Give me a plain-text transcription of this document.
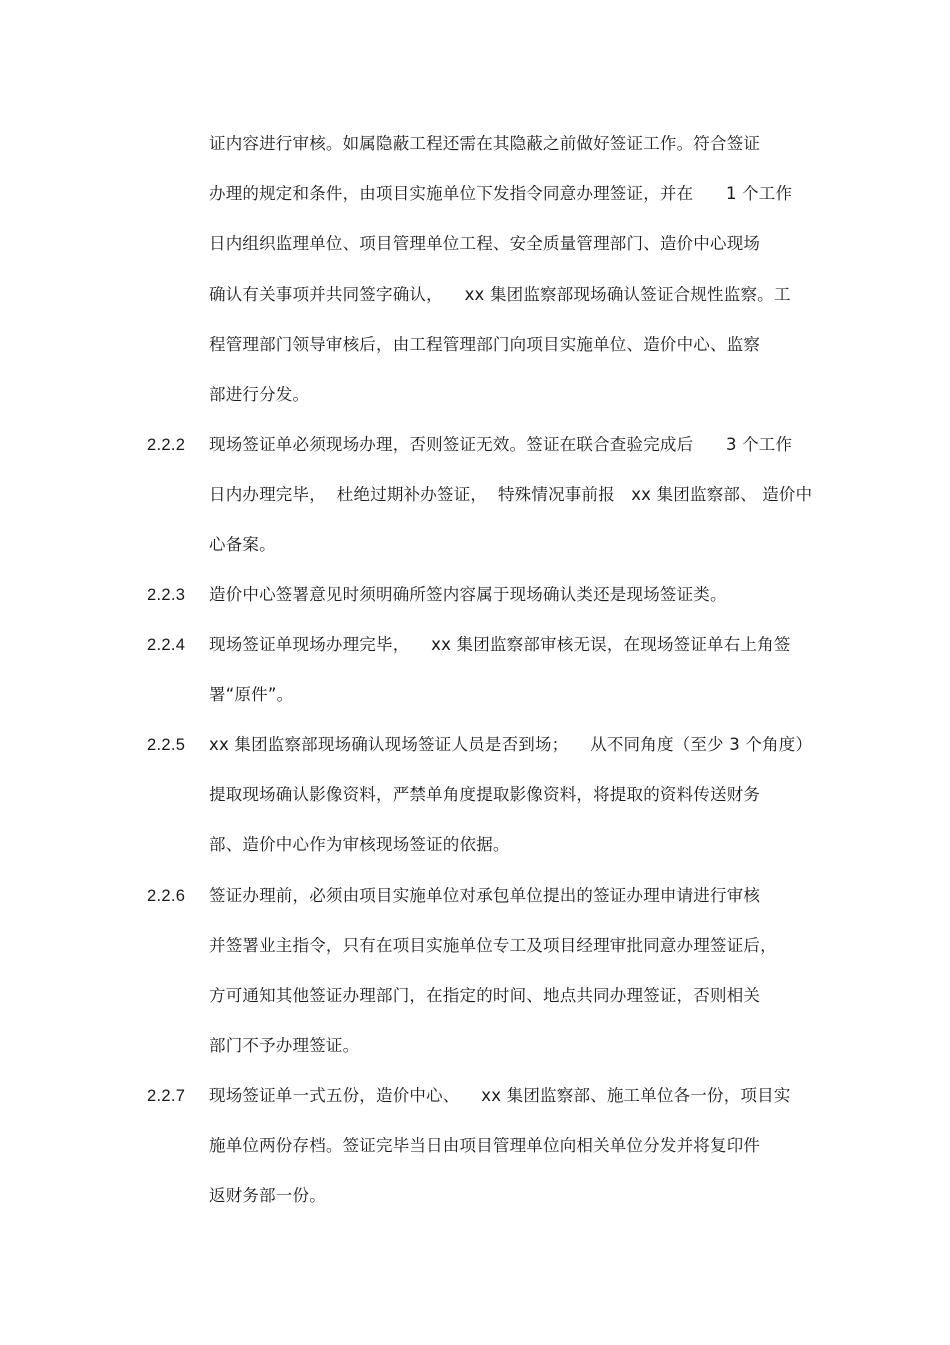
证内容进行审核。如属隐蔽工程还需在其隐蔽之前做好签证工作。符合签证
办理的规定和条件，由项目实施单位下发指令同意办理签证，并在      1 个工作
日内组织监理单位、项目管理单位工程、安全质量管理部门、造价中心现场
确认有关事项并共同签字确认，    xx 集团监察部现场确认签证合规性监察。工
程管理部门领导审核后，由工程管理部门向项目实施单位、造价中心、监察
部进行分发。
2.2.2 现场签证单必须现场办理，否则签证无效。签证在联合查验完成后      3 个工作
日内办理完毕，  杜绝过期补办签证，  特殊情况事前报   xx 集团监察部、 造价中
心备案。
2.2.3 造价中心签署意见时须明确所签内容属于现场确认类还是现场签证类。
2.2.4 现场签证单现场办理完毕，    xx 集团监察部审核无误，在现场签证单右上角签
署“原件”。
2.2.5 xx 集团监察部现场确认现场签证人员是否到场；    从不同角度（至少 3 个角度）
提取现场确认影像资料，严禁单角度提取影像资料，将提取的资料传送财务
部、造价中心作为审核现场签证的依据。
2.2.6 签证办理前，必须由项目实施单位对承包单位提出的签证办理申请进行审核
并签署业主指令，只有在项目实施单位专工及项目经理审批同意办理签证后，
方可通知其他签证办理部门，在指定的时间、地点共同办理签证，否则相关
部门不予办理签证。
2.2.7 现场签证单一式五份，造价中心、    xx 集团监察部、施工单位各一份，项目实
施单位两份存档。签证完毕当日由项目管理单位向相关单位分发并将复印件
返财务部一份。
